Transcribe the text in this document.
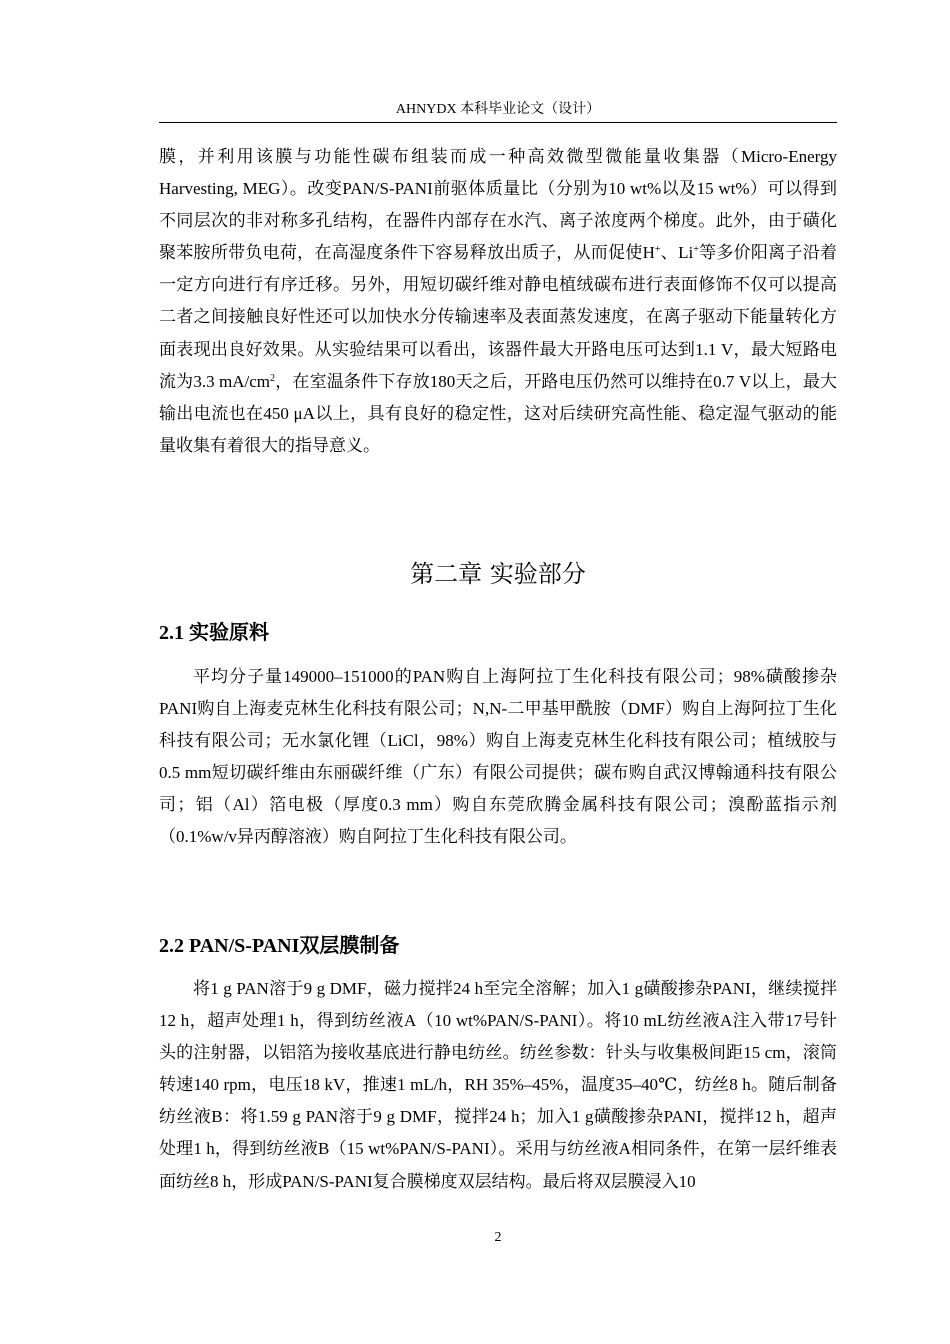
AHNYDX 本科毕业论文（设计）

膜，并利用该膜与功能性碳布组装而成一种高效微型微能量收集器（Micro-Energy Harvesting, MEG）。改变PAN/S-PANI前驱体质量比（分别为10 wt%以及15 wt%）可以得到不同层次的非对称多孔结构，在器件内部存在水汽、离子浓度两个梯度。此外，由于磺化聚苯胺所带负电荷，在高湿度条件下容易释放出质子，从而促使H+、Li+等多价阳离子沿着一定方向进行有序迁移。另外，用短切碳纤维对静电植绒碳布进行表面修饰不仅可以提高二者之间接触良好性还可以加快水分传输速率及表面蒸发速度，在离子驱动下能量转化方面表现出良好效果。从实验结果可以看出，该器件最大开路电压可达到1.1 V，最大短路电流为3.3 $mA/cm^2$，在室温条件下存放180天之后，开路电压仍然可以维持在0.7 V以上，最大输出电流也在450 μA以上，具有良好的稳定性，这对后续研究高性能、稳定湿气驱动的能量收集有着很大的指导意义。

第二章 实验部分
2.1 实验原料

平均分子量149000–151000的PAN购自上海阿拉丁生化科技有限公司；98%磺酸掺杂PANI购自上海麦克林生化科技有限公司；N,N-二甲基甲酰胺（DMF）购自上海阿拉丁生化科技有限公司；无水氯化锂（LiCl，98%）购自上海麦克林生化科技有限公司；植绒胶与0.5 mm短切碳纤维由东丽碳纤维（广东）有限公司提供；碳布购自武汉博翰通科技有限公司；铝（Al）箔电极（厚度0.3 mm）购自东莞欣腾金属科技有限公司；溴酚蓝指示剂（0.1%w/v异丙醇溶液）购自阿拉丁生化科技有限公司。

2.2 PAN/S-PANI双层膜制备

将1 g PAN溶于9 g DMF，磁力搅拌24 h至完全溶解；加入1 g磺酸掺杂PANI，继续搅拌12 h，超声处理1 h，得到纺丝液A（10 wt%PAN/S-PANI）。将10 mL纺丝液A注入带17号针头的注射器，以铝箔为接收基底进行静电纺丝。纺丝参数：针头与收集极间距15 cm，滚筒转速140 rpm，电压18 kV，推速1 mL/h，RH 35%–45%，温度35–40℃，纺丝8 h。随后制备纺丝液B：将1.59 g PAN溶于9 g DMF，搅拌24 h；加入1 g磺酸掺杂PANI，搅拌12 h，超声处理1 h，得到纺丝液B（15 wt%PAN/S-PANI）。采用与纺丝液A相同条件，在第一层纤维表面纺丝8 h，形成PAN/S-PANI复合膜梯度双层结构。最后将双层膜浸入10

2
